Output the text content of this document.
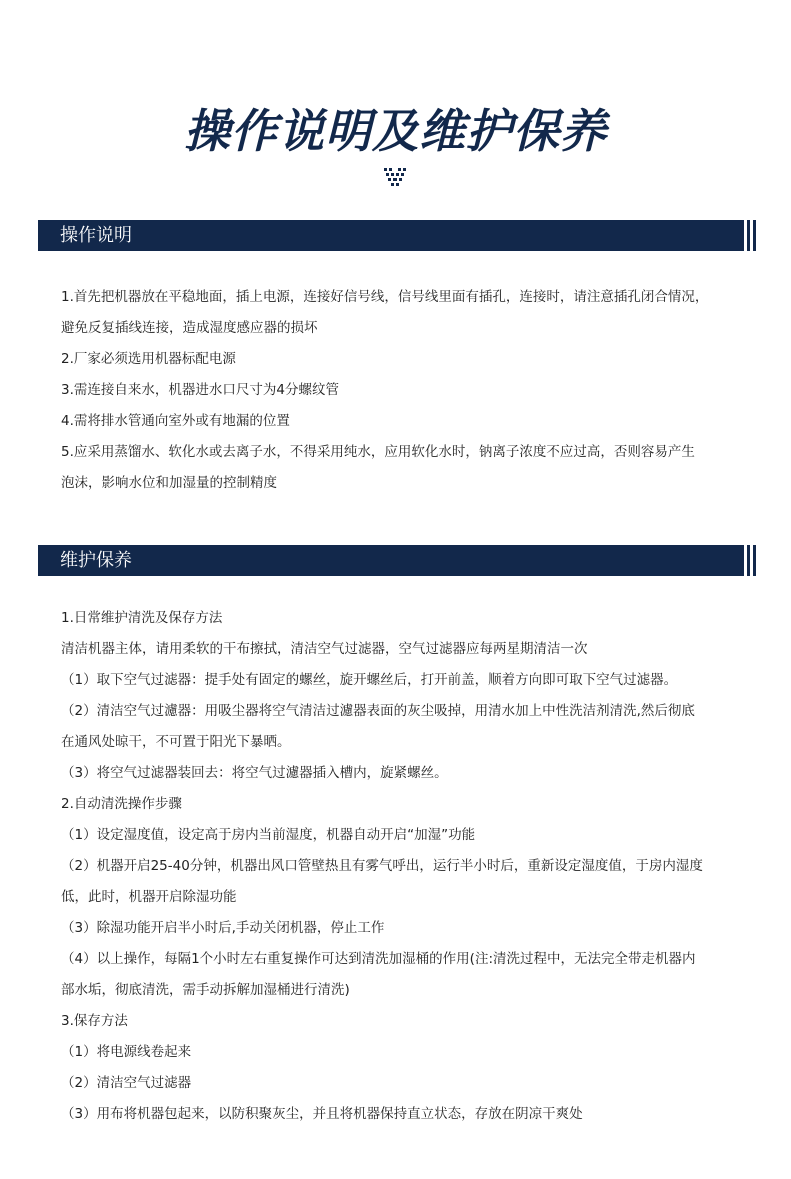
操作说明及维护保养
操作说明

1.首先把机器放在平稳地面，插上电源，连接好信号线，信号线里面有插孔，连接时，请注意插孔闭合情况，

避免反复插线连接，造成湿度感应器的损坏

2.厂家必须选用机器标配电源

3.需连接自来水，机器进水口尺寸为4分螺纹管

4.需将排水管通向室外或有地漏的位置

5.应采用蒸馏水、软化水或去离子水，不得采用纯水，应用软化水时，钠离子浓度不应过高，否则容易产生

泡沫，影响水位和加湿量的控制精度

维护保养

1.日常维护清洗及保存方法

清洁机器主体，请用柔软的干布擦拭，清洁空气过滤器，空气过滤器应每两星期清洁一次

（1）取下空气过滤器：提手处有固定的螺丝，旋开螺丝后，打开前盖，顺着方向即可取下空气过滤器。

（2）清洁空气过濾器：用吸尘器将空气清洁过濾器表面的灰尘吸掉，用清水加上中性洗洁剂清洗,然后彻底

在通风处晾干，不可置于阳光下暴晒。

（3）将空气过滤器装回去：将空气过濾器插入槽内，旋紧螺丝。

2.自动清洗操作步骤

（1）设定湿度值，设定高于房内当前湿度，机器自动开启“加湿”功能

（2）机器开启25-40分钟，机器出风口管壁热且有雾气呼出，运行半小时后，重新设定湿度值，于房内湿度

低，此时，机器开启除湿功能

（3）除湿功能开启半小时后,手动关闭机器，停止工作

（4）以上操作，每隔1个小时左右重复操作可达到清洗加湿桶的作用(注:清洗过程中，无法完全带走机器内

部水垢，彻底清洗，需手动拆解加湿桶进行清洗)

3.保存方法

（1）将电源线卷起来

（2）清洁空气过滤器

（3）用布将机器包起来，以防积聚灰尘，并且将机器保持直立状态，存放在阴凉干爽处
